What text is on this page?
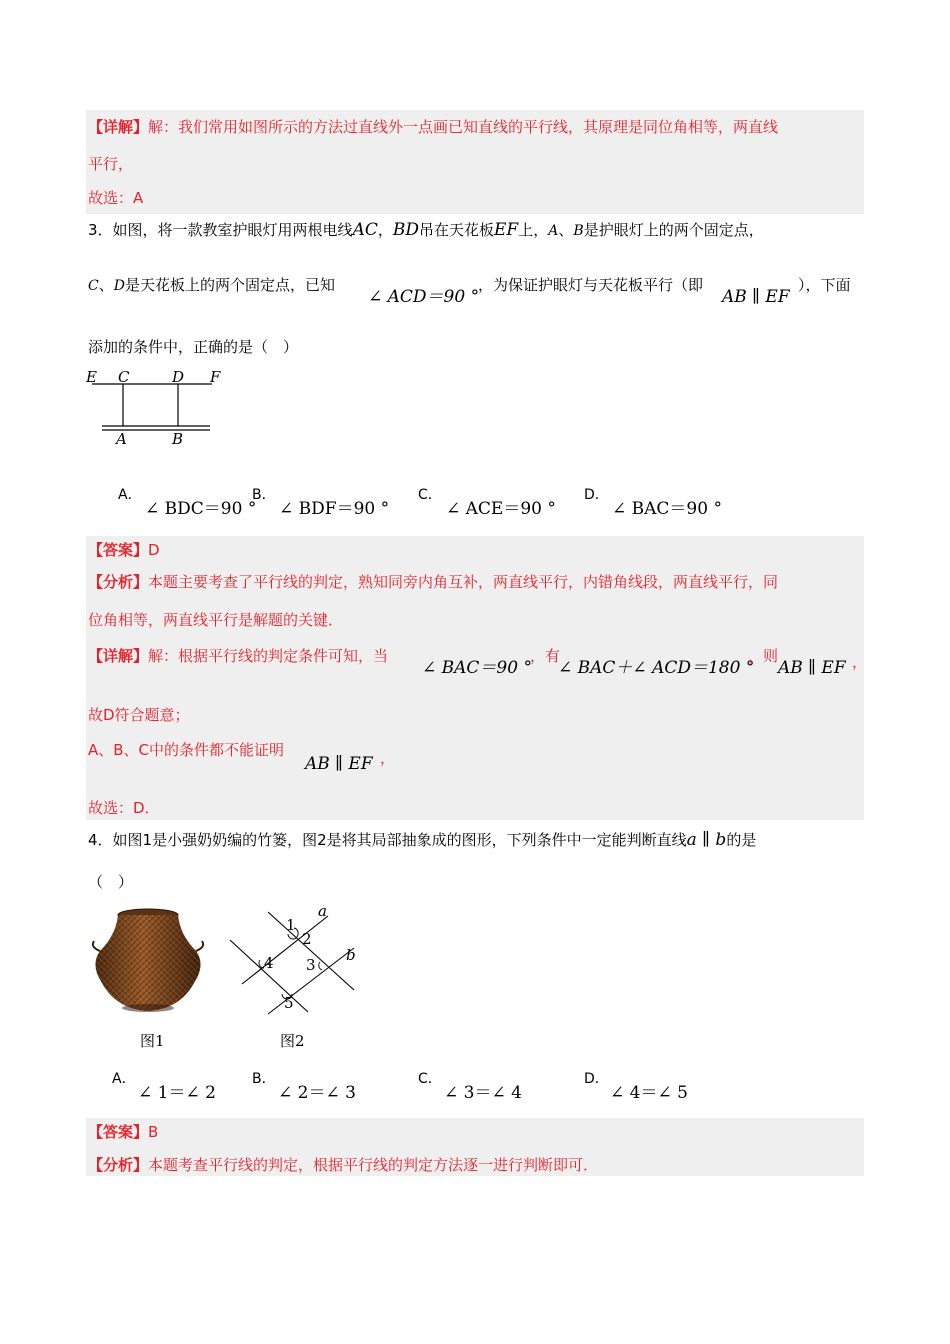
【详解】解：我们常用如图所示的方法过直线外一点画已知直线的平行线，其原理是同位角相等，两直线
平行，
故选：A
3．如图，将一款教室护眼灯用两根电线AC，BD吊在天花板EF上，A、B是护眼灯上的两个固定点，
C、D是天花板上的两个固定点，已知
∠ ACD＝90 °
，为保证护眼灯与天花板平行（即
AB ∥ EF
），下面
添加的条件中，正确的是（　）
E C	D F
A	B
A．
∠ BDC＝90 °
B．
∠ BDF＝90 °
C．
∠ ACE＝90 °
D．
∠ BAC＝90 °
【答案】D
【分析】本题主要考查了平行线的判定，熟知同旁内角互补，两直线平行，内错角线段，两直线平行，同
位角相等，两直线平行是解题的关键．
【详解】解：根据平行线的判定条件可知，当
∠ BAC＝90 °
，有
∠ BAC＋∠ ACD＝180 °
，则
AB ∥ EF ，
故D符合题意；
A、B、C中的条件都不能证明
AB ∥ EF ，
故选：D．
4．如图1是小强奶奶编的竹篓，图2是将其局部抽象成的图形，下列条件中一定能判断直线a ∥ b的是
（　）
图1
1
2
3
4
5
a
b
图2
A．
∠ 1＝∠ 2
B．
∠ 2＝∠ 3
C．
∠ 3＝∠ 4
D．
∠ 4＝∠ 5
【答案】B
【分析】本题考查平行线的判定，根据平行线的判定方法逐一进行判断即可．
